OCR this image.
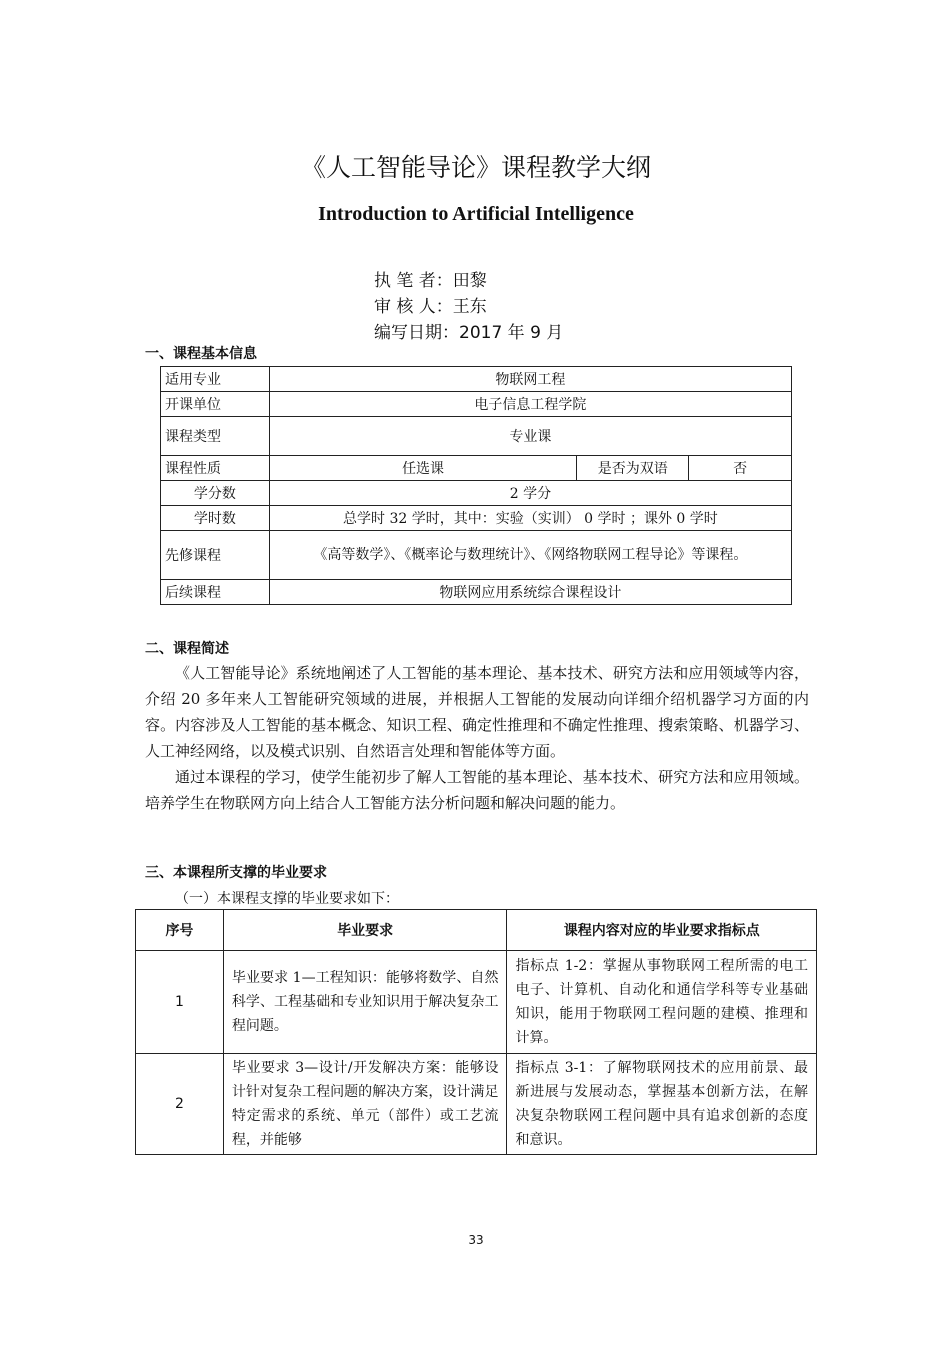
《人工智能导论》课程教学大纲
Introduction to Artificial Intelligence
执 笔 者：田黎
审 核 人：王东
编写日期：2017 年 9 月
一、课程基本信息
适用专业	物联网工程		
开课单位	电子信息工程学院		
课程类型	专业课		
课程性质	任选课	是否为双语	否
学分数	2 学分		
学时数	总学时 32 学时，其中：实验（实训） 0 学时 ；课外 0 学时		
先修课程	《高等数学》、《概率论与数理统计》、《网络物联网工程导论》等课程。		
后续课程	物联网应用系统综合课程设计		
二、课程简述

《人工智能导论》系统地阐述了人工智能的基本理论、基本技术、研究方法和应用领域等内容，介绍 20 多年来人工智能研究领域的进展，并根据人工智能的发展动向详细介绍机器学习方面的内容。内容涉及人工智能的基本概念、知识工程、确定性推理和不确定性推理、搜索策略、机器学习、人工神经网络，以及模式识别、自然语言处理和智能体等方面。

通过本课程的学习，使学生能初步了解人工智能的基本理论、基本技术、研究方法和应用领域。培养学生在物联网方向上结合人工智能方法分析问题和解决问题的能力。

三、本课程所支撑的毕业要求
（一）本课程支撑的毕业要求如下：
序号	毕业要求	课程内容对应的毕业要求指标点
1	毕业要求 1—工程知识：能够将数学、自然科学、工程基础和专业知识用于解决复杂工程问题。	指标点 1-2：掌握从事物联网工程所需的电工电子、计算机、自动化和通信学科等专业基础知识，能用于物联网工程问题的建模、推理和计算。
2	毕业要求 3—设计/开发解决方案：能够设计针对复杂工程问题的解决方案，设计满足特定需求的系统、单元（部件）或工艺流程，并能够	指标点 3-1：了解物联网技术的应用前景、最新进展与发展动态，掌握基本创新方法，在解决复杂物联网工程问题中具有追求创新的态度和意识。
33
